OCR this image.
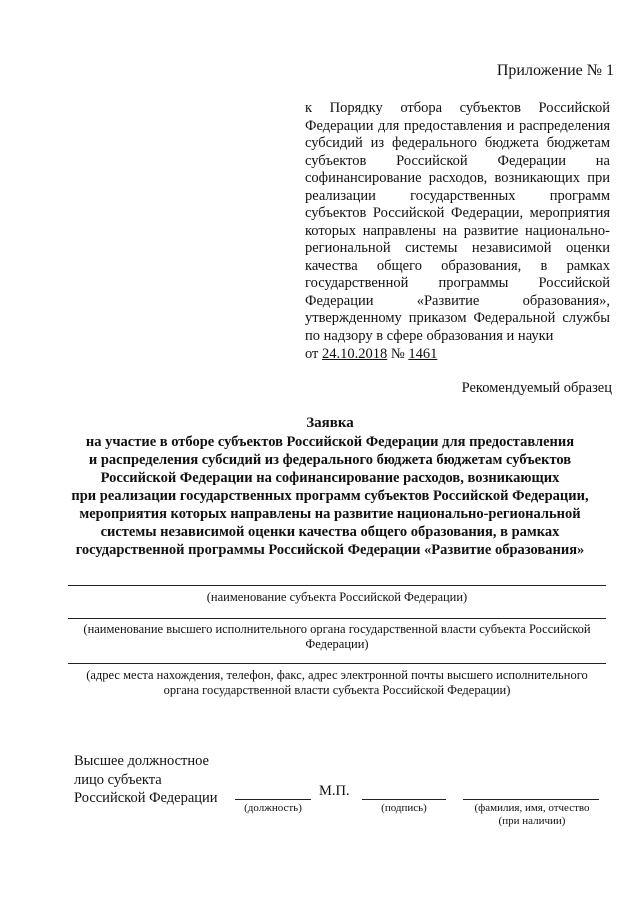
Приложение № 1
к Порядку отбора субъектов Российской Федерации для предоставления и распределения субсидий из федерального бюджета бюджетам субъектов Российской Федерации на софинансирование расходов, возникающих при реализации государственных программ субъектов Российской Федерации, мероприятия которых направлены на развитие национально-региональной системы независимой оценки качества общего образования, в рамках государственной программы Российской Федерации «Развитие образования», утвержденному приказом Федеральной службы по надзору в сфере образования и науки
от 24.10.2018 № 1461
Рекомендуемый образец
Заявка
на участие в отборе субъектов Российской Федерации для предоставления
и распределения субсидий из федерального бюджета бюджетам субъектов
Российской Федерации на софинансирование расходов, возникающих
при реализации государственных программ субъектов Российской Федерации,
мероприятия которых направлены на развитие национально-региональной
системы независимой оценки качества общего образования, в рамках
государственной программы Российской Федерации «Развитие образования»
(наименование субъекта Российской Федерации)
(наименование высшего исполнительного органа государственной власти субъекта Российской Федерации)
(адрес места нахождения, телефон, факс, адрес электронной почты высшего исполнительного органа государственной власти субъекта Российской Федерации)
Высшее должностное
лицо субъекта
Российской Федерации	М.П.
(должность)	(подпись)	(фамилия, имя, отчество (при наличии)
